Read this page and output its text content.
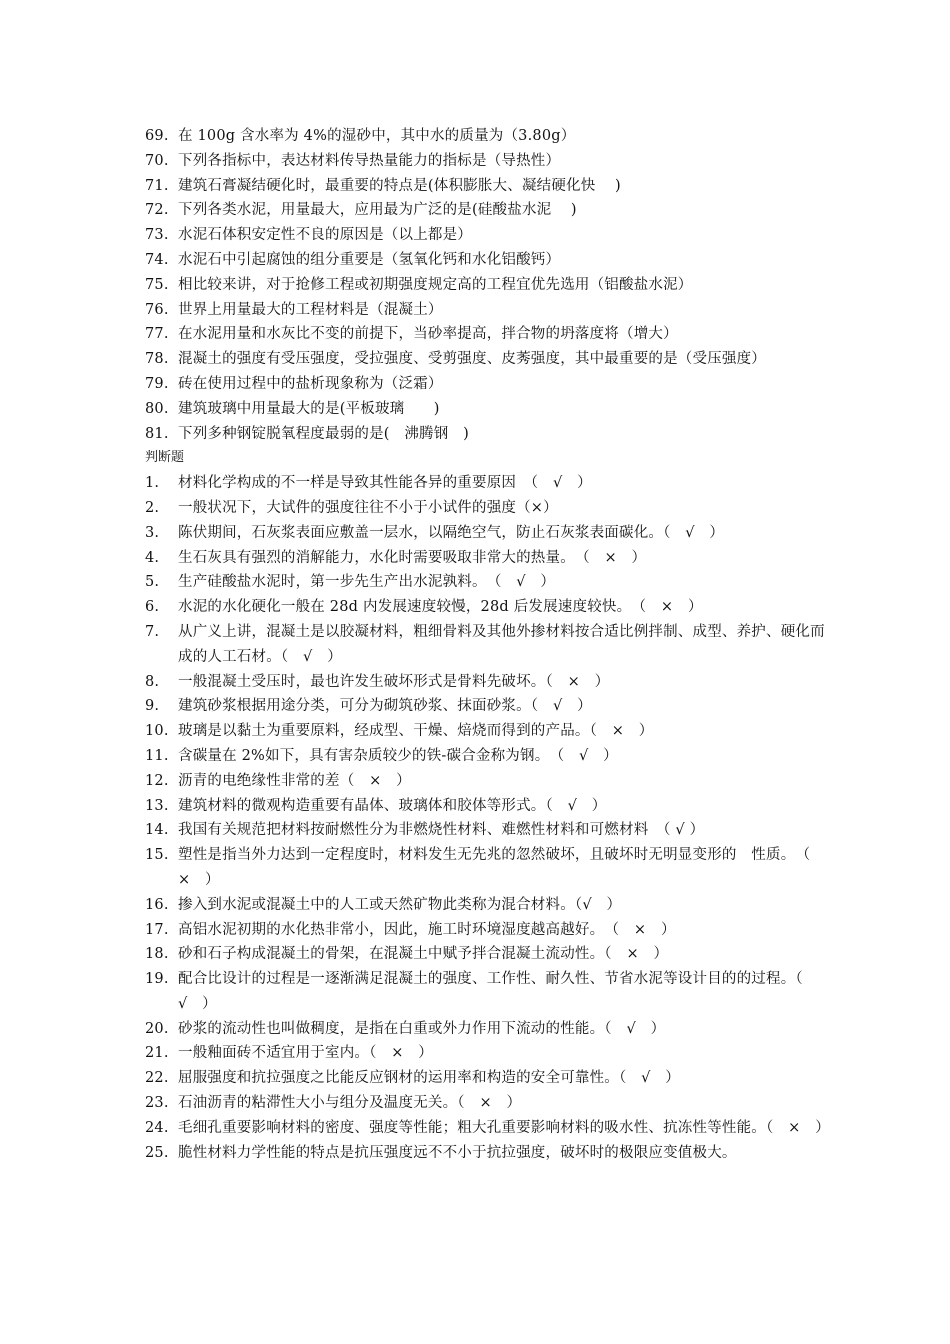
69. 在 100g 含水率为 4%的湿砂中，其中水的质量为（3.80g）
70. 下列各指标中，表达材料传导热量能力的指标是（导热性）
71. 建筑石膏凝结硬化时，最重要的特点是(体积膨胀大、凝结硬化快　 )
72. 下列各类水泥，用量最大，应用最为广泛的是(硅酸盐水泥　 )
73. 水泥石体积安定性不良的原因是（以上都是）
74. 水泥石中引起腐蚀的组分重要是（氢氧化钙和水化铝酸钙）
75. 相比较来讲，对于抢修工程或初期强度规定高的工程宜优先选用（铝酸盐水泥）
76. 世界上用量最大的工程材料是（混凝土）
77. 在水泥用量和水灰比不变的前提下，当砂率提高，拌合物的坍落度将（增大）
78. 混凝土的强度有受压强度，受拉强度、受剪强度、皮莠强度，其中最重要的是（受压强度）
79. 砖在使用过程中的盐析现象称为（泛霜）
80. 建筑玻璃中用量最大的是(平板玻璃　　)
81. 下列多种钢锭脱氧程度最弱的是(　沸腾钢　)
判断题
1.	材料化学构成的不一样是导致其性能各异的重要原因　（　√　）
2.	一般状况下，大试件的强度往往不小于小试件的强度（×）
3.	陈伏期间，石灰浆表面应敷盖一层水，以隔绝空气，防止石灰浆表面碳化。（　√　）
4.	生石灰具有强烈的消解能力，水化时需要吸取非常大的热量。　（　×　）
5.	生产硅酸盐水泥时，第一步先生产出水泥孰料。　（　√　）
6.	水泥的水化硬化一般在 28d 内发展速度较慢，28d 后发展速度较快。　（　×　）
7.	从广义上讲，混凝土是以胶凝材料，粗细骨料及其他外掺材料按合适比例拌制、成型、养护、硬化而成的人工石材。（　√　）
8.	一般混凝土受压时，最也许发生破坏形式是骨料先破坏。（　×　）
9.	建筑砂浆根据用途分类，可分为砌筑砂浆、抹面砂浆。（　√　）
10. 玻璃是以黏土为重要原料，经成型、干燥、焙烧而得到的产品。（　×　）
11. 含碳量在 2%如下，具有害杂质较少的铁-碳合金称为钢。　（　√　）
12. 沥青的电绝缘性非常的差（　×　）
13. 建筑材料的微观构造重要有晶体、玻璃体和胶体等形式。（　√　）
14. 我国有关规范把材料按耐燃性分为非燃烧性材料、难燃性材料和可燃材料　（ √ ）
15. 塑性是指当外力达到一定程度时，材料发生无先兆的忽然破坏，且破坏时无明显变形的　性质。　（　×　）
16. 掺入到水泥或混凝土中的人工或天然矿物此类称为混合材料。（√　）
17. 高铝水泥初期的水化热非常小，因此，施工时环境湿度越高越好。　（　×　）
18. 砂和石子构成混凝土的骨架，在混凝土中赋予拌合混凝土流动性。（　×　）
19. 配合比设计的过程是一逐渐满足混凝土的强度、工作性、耐久性、节省水泥等设计目的的过程。（　√　）
20. 砂浆的流动性也叫做稠度，是指在白重或外力作用下流动的性能。（　√　）
21. 一般釉面砖不适宜用于室内。（　×　）
22. 屈服强度和抗拉强度之比能反应钢材的运用率和构造的安全可靠性。（　√　）
23. 石油沥青的粘滞性大小与组分及温度无关。（　×　）
24. 毛细孔重要影响材料的密度、强度等性能；粗大孔重要影响材料的吸水性、抗冻性等性能。（　×　）
25. 脆性材料力学性能的特点是抗压强度远不不小于抗拉强度，破坏时的极限应变值极大。
